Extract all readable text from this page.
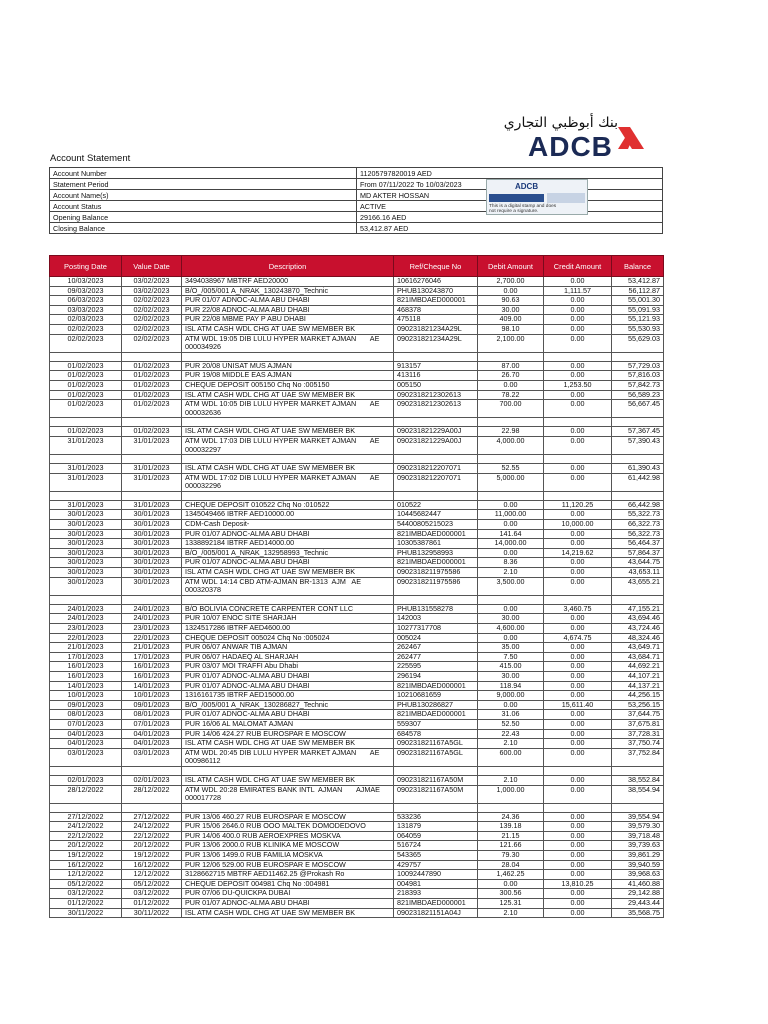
بنك أبوظبي التجاري
ADCB
Account Statement
Account Number	11205797820019 AED
Statement Period	From 07/11/2022 To 10/03/2023
Account Name(s)	MD AKTER HOSSAN
Account Status	ACTIVE
Opening Balance	29166.16 AED
Closing Balance	53,412.87 AED
ADCB
This is a digital stamp and does not require a signature.
Posting Date	Value Date	Description	Ref/Cheque No	Debit Amount	Credit Amount	Balance
10/03/2023	03/02/2023	3494038967 MBTRF AED20000	10616276046	2,700.00	0.00	53,412.87
09/03/2023	03/02/2023	B/O_/005/001 A_NRAK_130243870_Technic	PHUB130243870	0.00	1,111.57	56,112.87
06/03/2023	02/02/2023	PUR 01/07 ADNOC-ALMA ABU DHABI	821IMBDAED000001	90.63	0.00	55,001.30
03/03/2023	02/02/2023	PUR 22/08 ADNOC-ALMA ABU DHABI	468378	30.00	0.00	55,091.93
02/03/2023	02/02/2023	PUR 22/08 MBME PAY P ABU DHABI	475118	409.00	0.00	55,121.93
02/02/2023	02/02/2023	ISL ATM CASH WDL CHG AT UAE SW MEMBER BK	090231821234A29L	98.10	0.00	55,530.93
02/02/2023	02/02/2023	ATM WDL 19:05 DIB LULU HYPER MARKET AJMAN       AE
000034926	090231821234A29L	2,100.00	0.00	55,629.03

01/02/2023	01/02/2023	PUR 20/08 UNISAT MUS AJMAN	913157	87.00	0.00	57,729.03
01/02/2023	01/02/2023	PUR 19/08 MIDDLE EAS AJMAN	413116	26.70	0.00	57,816.03
01/02/2023	01/02/2023	CHEQUE DEPOSIT 005150 Chq No :005150	005150	0.00	1,253.50	57,842.73
01/02/2023	01/02/2023	ISL ATM CASH WDL CHG AT UAE SW MEMBER BK	0902318212302613	78.22	0.00	56,589.23
01/02/2023	01/02/2023	ATM WDL 10:05 DIB LULU HYPER MARKET AJMAN       AE
000032636	0902318212302613	700.00	0.00	56,667.45

01/02/2023	01/02/2023	ISL ATM CASH WDL CHG AT UAE SW MEMBER BK	090231821229A00J	22.98	0.00	57,367.45
31/01/2023	31/01/2023	ATM WDL 17:03 DIB LULU HYPER MARKET AJMAN       AE
000032297	090231821229A00J	4,000.00	0.00	57,390.43

31/01/2023	31/01/2023	ISL ATM CASH WDL CHG AT UAE SW MEMBER BK	0902318212207071	52.55	0.00	61,390.43
31/01/2023	31/01/2023	ATM WDL 17:02 DIB LULU HYPER MARKET AJMAN       AE
000032296	0902318212207071	5,000.00	0.00	61,442.98

31/01/2023	31/01/2023	CHEQUE DEPOSIT 010522 Chq No :010522	010522	0.00	11,120.25	66,442.98
30/01/2023	30/01/2023	1345049466 IBTRF AED10000.00	10445682447	11,000.00	0.00	55,322.73
30/01/2023	30/01/2023	CDM-Cash Deposit-	54400805215023	0.00	10,000.00	66,322.73
30/01/2023	30/01/2023	PUR 01/07 ADNOC-ALMA ABU DHABI	821IMBDAED000001	141.64	0.00	56,322.73
30/01/2023	30/01/2023	1338892184 IBTRF AED14000.00	10305387861	14,000.00	0.00	56,464.37
30/01/2023	30/01/2023	B/O_/005/001 A_NRAK_132958993_Technic	PHUB132958993	0.00	14,219.62	57,864.37
30/01/2023	30/01/2023	PUR 01/07 ADNOC-ALMA ABU DHABI	821IMBDAED000001	8.36	0.00	43,644.75
30/01/2023	30/01/2023	ISL ATM CASH WDL CHG AT UAE SW MEMBER BK	0902318211975586	2.10	0.00	43,653.11
30/01/2023	30/01/2023	ATM WDL 14:14 CBD ATM-AJMAN BR-1313  AJM   AE
000320378	0902318211975586	3,500.00	0.00	43,655.21

24/01/2023	24/01/2023	B/O BOLIVIA CONCRETE CARPENTER CONT LLC	PHUB131558278	0.00	3,460.75	47,155.21
24/01/2023	24/01/2023	PUR 10/07 ENOC SITE SHARJAH	142003	30.00	0.00	43,694.46
23/01/2023	23/01/2023	1324517286 IBTRF AED4600.00	10277317708	4,600.00	0.00	43,724.46
22/01/2023	22/01/2023	CHEQUE DEPOSIT 005024 Chq No :005024	005024	0.00	4,674.75	48,324.46
21/01/2023	21/01/2023	PUR 06/07 ANWAR TIB AJMAN	262467	35.00	0.00	43,649.71
17/01/2023	17/01/2023	PUR 06/07 HADAEQ AL SHARJAH	262477	7.50	0.00	43,684.71
16/01/2023	16/01/2023	PUR 03/07 MOI TRAFFI Abu Dhabi	225595	415.00	0.00	44,692.21
16/01/2023	16/01/2023	PUR 01/07 ADNOC-ALMA ABU DHABI	296194	30.00	0.00	44,107.21
14/01/2023	14/01/2023	PUR 01/07 ADNOC-ALMA ABU DHABI	821IMBDAED000001	118.94	0.00	44,137.21
10/01/2023	10/01/2023	1316161735 IBTRF AED15000.00	10210681659	9,000.00	0.00	44,256.15
09/01/2023	09/01/2023	B/O_/005/001 A_NRAK_130286827_Technic	PHUB130286827	0.00	15,611.40	53,256.15
08/01/2023	08/01/2023	PUR 01/07 ADNOC-ALMA ABU DHABI	821IMBDAED000001	31.06	0.00	37,644.75
07/01/2023	07/01/2023	PUR 16/06 AL MALOMAT AJMAN	559307	52.50	0.00	37,675.81
04/01/2023	04/01/2023	PUR 14/06 424.27 RUB EUROSPAR E MOSCOW	684578	22.43	0.00	37,728.31
04/01/2023	04/01/2023	ISL ATM CASH WDL CHG AT UAE SW MEMBER BK	090231821167A5GL	2.10	0.00	37,750.74
03/01/2023	03/01/2023	ATM WDL 20:45 DIB LULU HYPER MARKET AJMAN       AE
000986112	090231821167A5GL	600.00	0.00	37,752.84

02/01/2023	02/01/2023	ISL ATM CASH WDL CHG AT UAE SW MEMBER BK	090231821167A50M	2.10	0.00	38,552.84
28/12/2022	28/12/2022	ATM WDL 20:28 EMIRATES BANK INTL  AJMAN       AJMAE
000017728	090231821167A50M	1,000.00	0.00	38,554.94

27/12/2022	27/12/2022	PUR 13/06 460.27 RUB EUROSPAR E MOSCOW	533236	24.36	0.00	39,554.94
24/12/2022	24/12/2022	PUR 15/06 2646.0 RUB OOO MALTEK DOMODEDOVO	131879	139.18	0.00	39,579.30
22/12/2022	22/12/2022	PUR 14/06 400.0 RUB AEROEXPRES MOSKVA	064059	21.15	0.00	39,718.48
20/12/2022	20/12/2022	PUR 13/06 2000.0 RUB KLINIKA ME MOSCOW	516724	121.66	0.00	39,739.63
19/12/2022	19/12/2022	PUR 13/06 1499.0 RUB FAMILIA MOSKVA	543365	79.30	0.00	39,861.29
16/12/2022	16/12/2022	PUR 12/06 529.00 RUB EUROSPAR E MOSCOW	429757	28.04	0.00	39,940.59
12/12/2022	12/12/2022	3128662715 MBTRF AED11462.25 @Prokash Ro	10092447890	1,462.25	0.00	39,968.63
05/12/2022	05/12/2022	CHEQUE DEPOSIT 004981 Chq No :004981	004981	0.00	13,810.25	41,460.88
03/12/2022	03/12/2022	PUR 07/06 DU-QUICKPA DUBAI	218393	300.56	0.00	29,142.88
01/12/2022	01/12/2022	PUR 01/07 ADNOC-ALMA ABU DHABI	821IMBDAED000001	125.31	0.00	29,443.44
30/11/2022	30/11/2022	ISL ATM CASH WDL CHG AT UAE SW MEMBER BK	090231821151A04J	2.10	0.00	35,568.75
